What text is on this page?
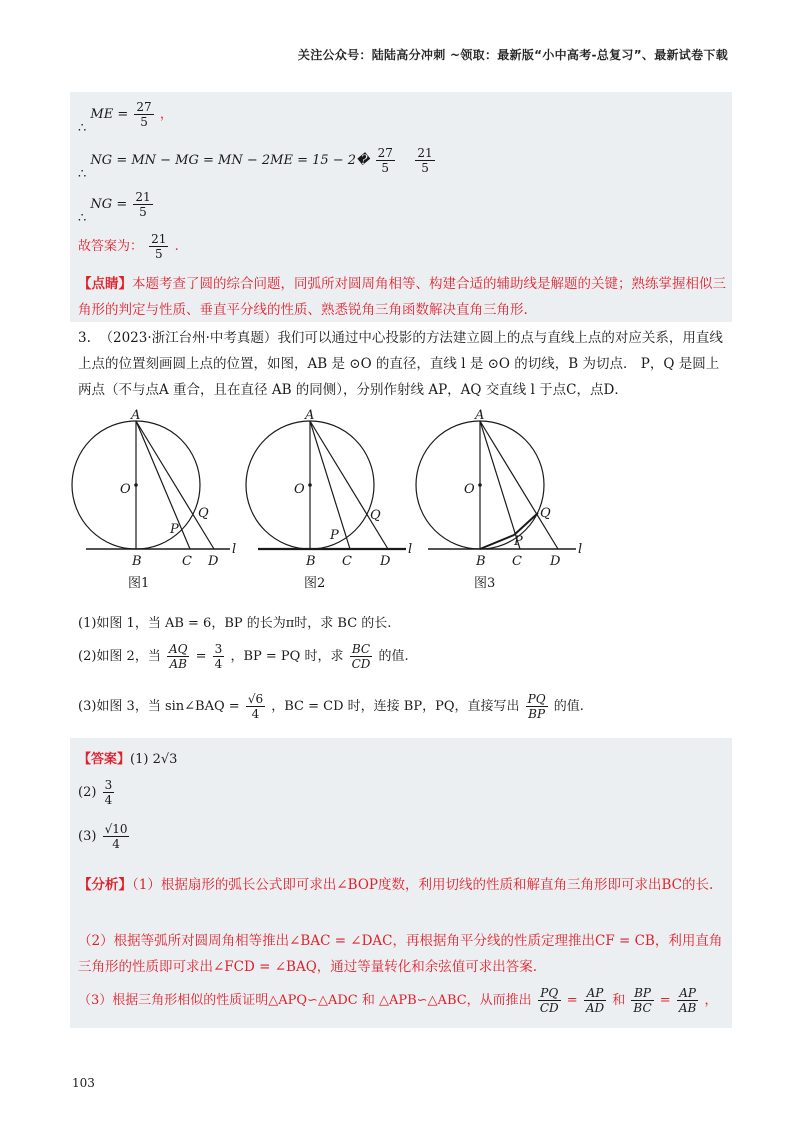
关注公众号：陆陆高分冲刺 ~领取：最新版“小中高考-总复习”、最新试卷下载
∴ ME = $\frac{27}{5}$ ，
∴ NG = MN − MG = MN − 2ME = 15 − 2� $\frac{27}{5}$
$\frac{21}{5}$
∴ NG = $\frac{21}{5}$
故答案为： $\frac{21}{5}$ .
【点睛】本题考查了圆的综合问题，同弧所对圆周角相等、构建合适的辅助线是解题的关键；熟练掌握相似三角形的判定与性质、垂直平分线的性质、熟悉锐角三角函数解决直角三角形.
3. （2023·浙江台州·中考真题）我们可以通过中心投影的方法建立圆上的点与直线上点的对应关系，用直线上点的位置刻画圆上点的位置，如图，AB 是 ⊙O 的直径，直线 l 是 ⊙O 的切线，B 为切点． P，Q 是圆上两点（不与点A 重合，且在直径 AB 的同侧），分别作射线 AP，AQ 交直线 l 于点C，点D．
A
O
B	C D
P
Q
l
A
O
B C D
P
Q
l
A
O
B C D
P
Q
l
图1	图2	图3
(1)如图 1，当 AB = 6，BP 的长为π时，求 BC 的长.
(2)如图 2，当 $\frac{AQ}{AB} = \frac{3}{4}$ ，BP = PQ 时，求 $\frac{BC}{CD}$ 的值.
(3)如图 3，当 sin∠BAQ = $\frac{√6}{4}$ ，BC = CD 时，连接 BP，PQ，直接写出 $\frac{PQ}{BP}$ 的值.
【答案】(1) 2√3
$(2) \frac{3}{4}$
$(3) \frac{√10}{4}$
【分析】（1）根据扇形的弧长公式即可求出∠BOP度数，利用切线的性质和解直角三角形即可求出BC的长.
（2）根据等弧所对圆周角相等推出∠BAC = ∠DAC，再根据角平分线的性质定理推出CF = CB，利用直角三角形的性质即可求出∠FCD = ∠BAQ，通过等量转化和余弦值可求出答案.
（3）根据三角形相似的性质证明△APQ∽△ADC 和 △APB∽△ABC，从而推出 $\frac{PQ}{CD} = \frac{AP}{AD}$ 和 $\frac{BP}{BC} = \frac{AP}{AB}$ ，
103
